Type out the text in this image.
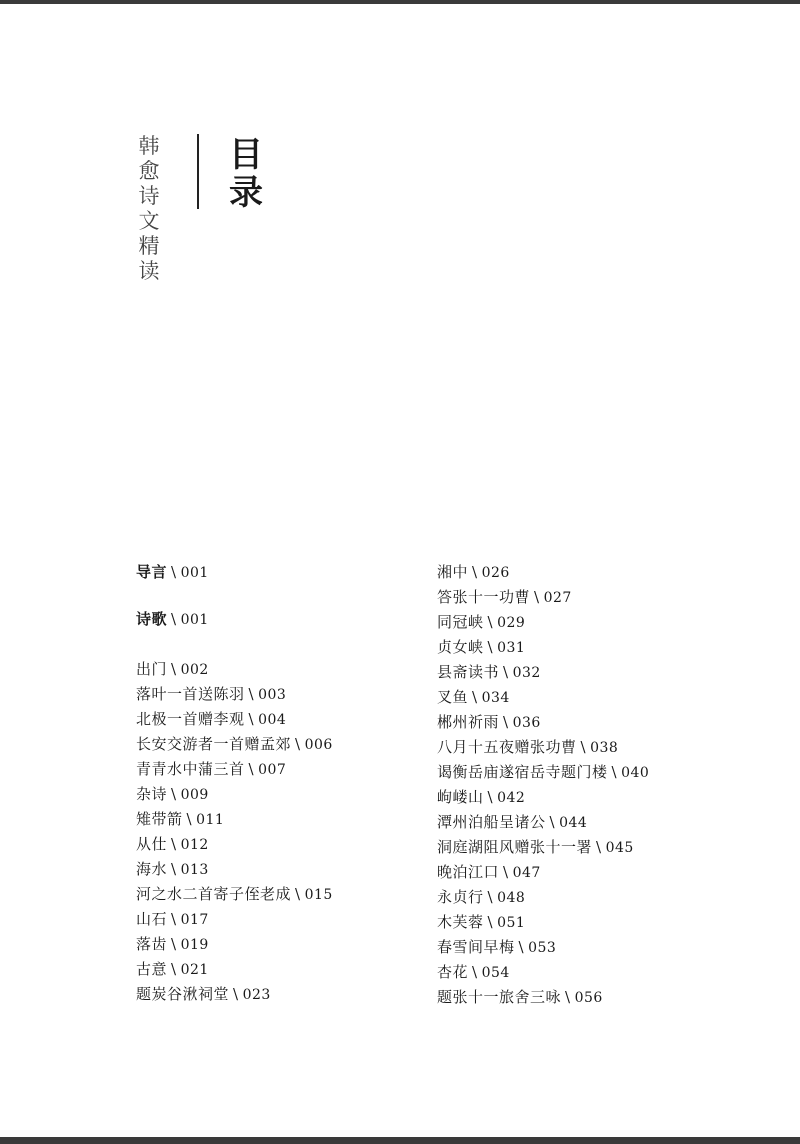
韩
愈
诗
文
精
读
目
录
导言 \ 001
诗歌 \ 001
出门 \ 002
落叶一首送陈羽 \ 003
北极一首赠李观 \ 004
长安交游者一首赠孟郊 \ 006
青青水中蒲三首 \ 007
杂诗 \ 009
雉带箭 \ 011
从仕 \ 012
海水 \ 013
河之水二首寄子侄老成 \ 015
山石 \ 017
落齿 \ 019
古意 \ 021
题炭谷湫祠堂 \ 023
湘中 \ 026
答张十一功曹 \ 027
同冠峡 \ 029
贞女峡 \ 031
县斋读书 \ 032
叉鱼 \ 034
郴州祈雨 \ 036
八月十五夜赠张功曹 \ 038
谒衡岳庙遂宿岳寺题门楼 \ 040
岣嵝山 \ 042
潭州泊船呈诸公 \ 044
洞庭湖阻风赠张十一署 \ 045
晚泊江口 \ 047
永贞行 \ 048
木芙蓉 \ 051
春雪间早梅 \ 053
杏花 \ 054
题张十一旅舍三咏 \ 056
